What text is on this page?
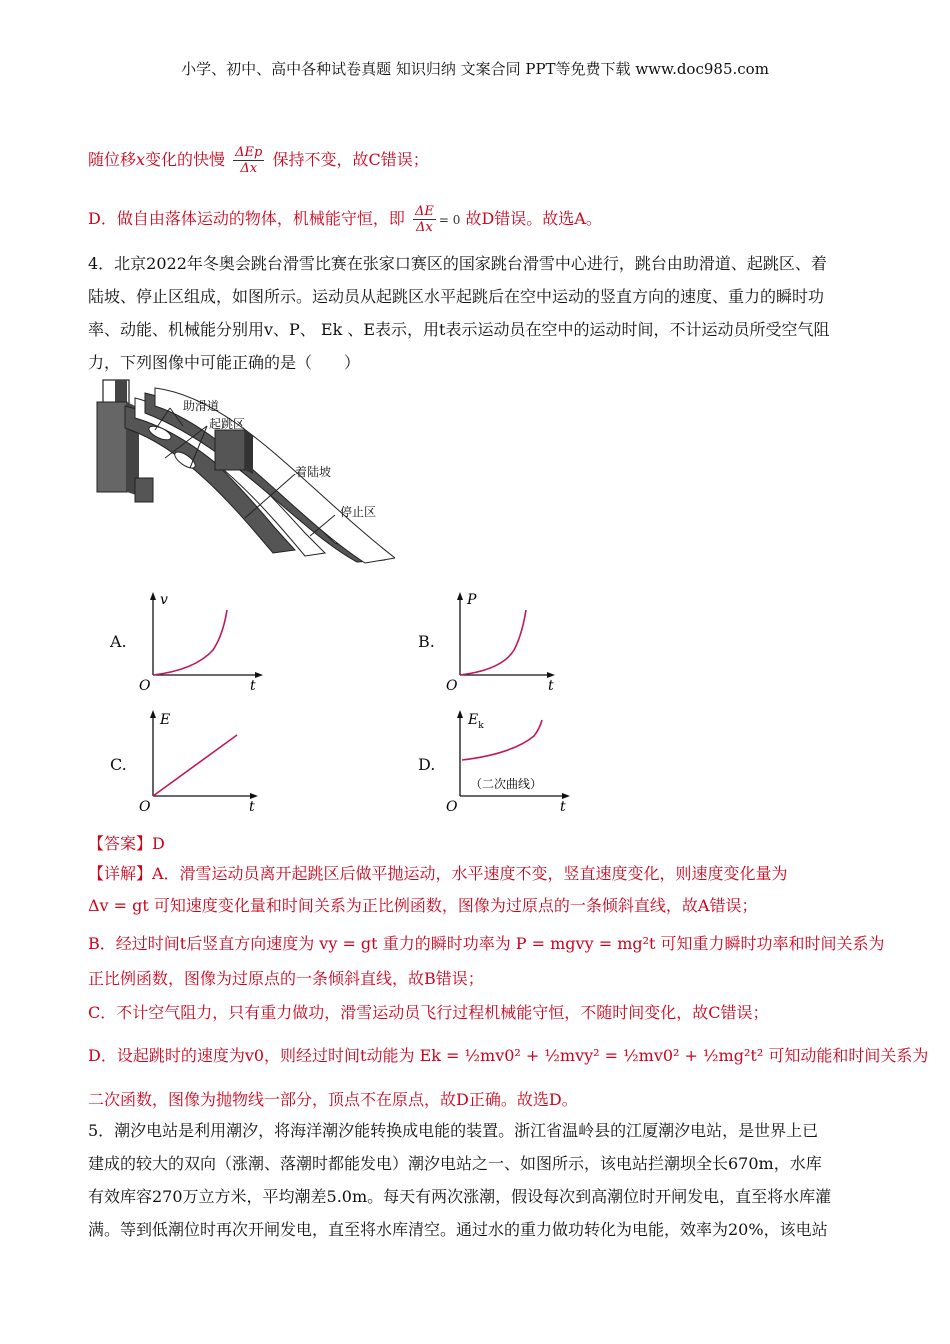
小学、初中、高中各种试卷真题 知识归纳 文案合同 PPT等免费下载 www.doc985.com
随位移x变化的快慢 $\frac{\text{ΔEp}}{\Delta x}$ 保持不变，故C错误；
D．做自由落体运动的物体，机械能守恒，即 $\frac{\Delta E}{\Delta x} = 0$ 故D错误。故选A。
4．北京2022年冬奥会跳台滑雪比赛在张家口赛区的国家跳台滑雪中心进行，跳台由助滑道、起跳区、着
陆坡、停止区组成，如图所示。运动员从起跳区水平起跳后在空中运动的竖直方向的速度、重力的瞬时功
率、动能、机械能分别用v、P、 Ek 、E表示，用t表示运动员在空中的运动时间，不计运动员所受空气阻
力，下列图像中可能正确的是（　　）
助滑道
起跳区
着陆坡
停止区
A.
v
t
O
B.
P
t
O
C.
E
t
O
D.
$E_k$
（二次曲线）
t
O
【答案】D
【详解】A．滑雪运动员离开起跳区后做平抛运动，水平速度不变，竖直速度变化，则速度变化量为
Δv = gt 可知速度变化量和时间关系为正比例函数，图像为过原点的一条倾斜直线，故A错误；
B．经过时间t后竖直方向速度为 vy = gt 重力的瞬时功率为 P = mgvy = mg²t 可知重力瞬时功率和时间关系为
正比例函数，图像为过原点的一条倾斜直线，故B错误；
C．不计空气阻力，只有重力做功，滑雪运动员飞行过程机械能守恒，不随时间变化，故C错误；
D．设起跳时的速度为v0，则经过时间t动能为 Ek = ½mv0² + ½mvy² = ½mv0² + ½mg²t² 可知动能和时间关系为
二次函数，图像为抛物线一部分，顶点不在原点，故D正确。故选D。
5．潮汐电站是利用潮汐，将海洋潮汐能转换成电能的装置。浙江省温岭县的江厦潮汐电站，是世界上已
建成的较大的双向（涨潮、落潮时都能发电）潮汐电站之一、如图所示，该电站拦潮坝全长670m，水库
有效库容270万立方米，平均潮差5.0m。每天有两次涨潮，假设每次到高潮位时开闸发电，直至将水库灌
满。等到低潮位时再次开闸发电，直至将水库清空。通过水的重力做功转化为电能，效率为20%，该电站
